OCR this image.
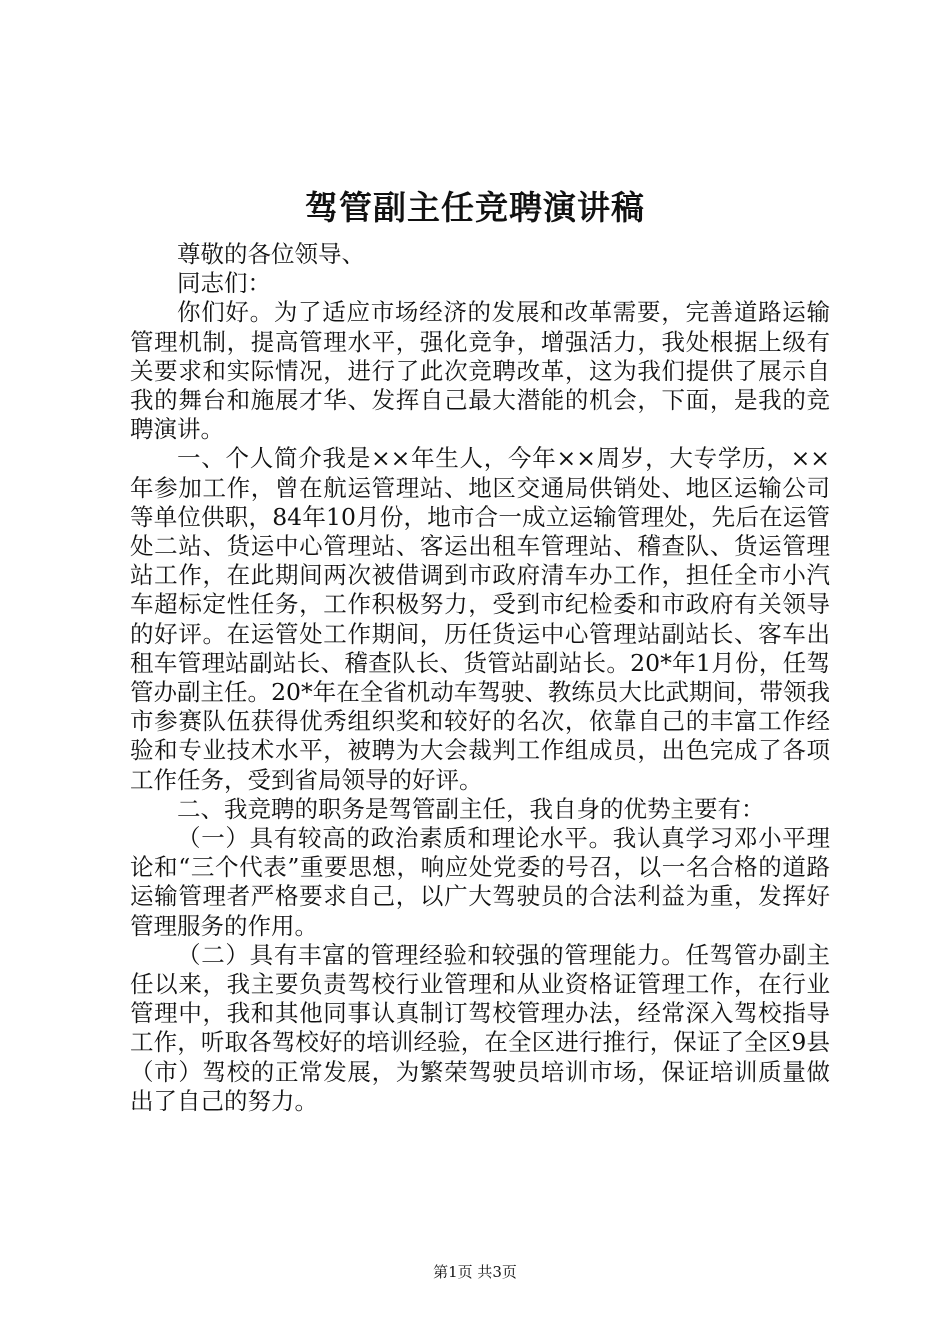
驾管副主任竞聘演讲稿

尊敬的各位领导、

同志们：

你们好。为了适应市场经济的发展和改革需要，完善道路运输管理机制，提高管理水平，强化竞争，增强活力，我处根据上级有关要求和实际情况，进行了此次竞聘改革，这为我们提供了展示自我的舞台和施展才华、发挥自己最大潜能的机会，下面，是我的竞聘演讲。

一、个人简介我是××年生人，今年××周岁，大专学历，××年参加工作，曾在航运管理站、地区交通局供销处、地区运输公司等单位供职，84年10月份，地市合一成立运输管理处，先后在运管处二站、货运中心管理站、客运出租车管理站、稽查队、货运管理站工作，在此期间两次被借调到市政府清车办工作，担任全市小汽车超标定性任务，工作积极努力，受到市纪检委和市政府有关领导的好评。在运管处工作期间，历任货运中心管理站副站长、客车出租车管理站副站长、稽查队长、货管站副站长。20*年1月份，任驾管办副主任。20*年在全省机动车驾驶、教练员大比武期间，带领我市参赛队伍获得优秀组织奖和较好的名次，依靠自己的丰富工作经验和专业技术水平，被聘为大会裁判工作组成员，出色完成了各项工作任务，受到省局领导的好评。

二、我竞聘的职务是驾管副主任，我自身的优势主要有：

（一）具有较高的政治素质和理论水平。我认真学习邓小平理论和“三个代表”重要思想，响应处党委的号召，以一名合格的道路运输管理者严格要求自己，以广大驾驶员的合法利益为重，发挥好管理服务的作用。

（二）具有丰富的管理经验和较强的管理能力。任驾管办副主任以来，我主要负责驾校行业管理和从业资格证管理工作，在行业管理中，我和其他同事认真制订驾校管理办法，经常深入驾校指导工作，听取各驾校好的培训经验，在全区进行推行，保证了全区9县（市）驾校的正常发展，为繁荣驾驶员培训市场，保证培训质量做出了自己的努力。

第1页 共3页
